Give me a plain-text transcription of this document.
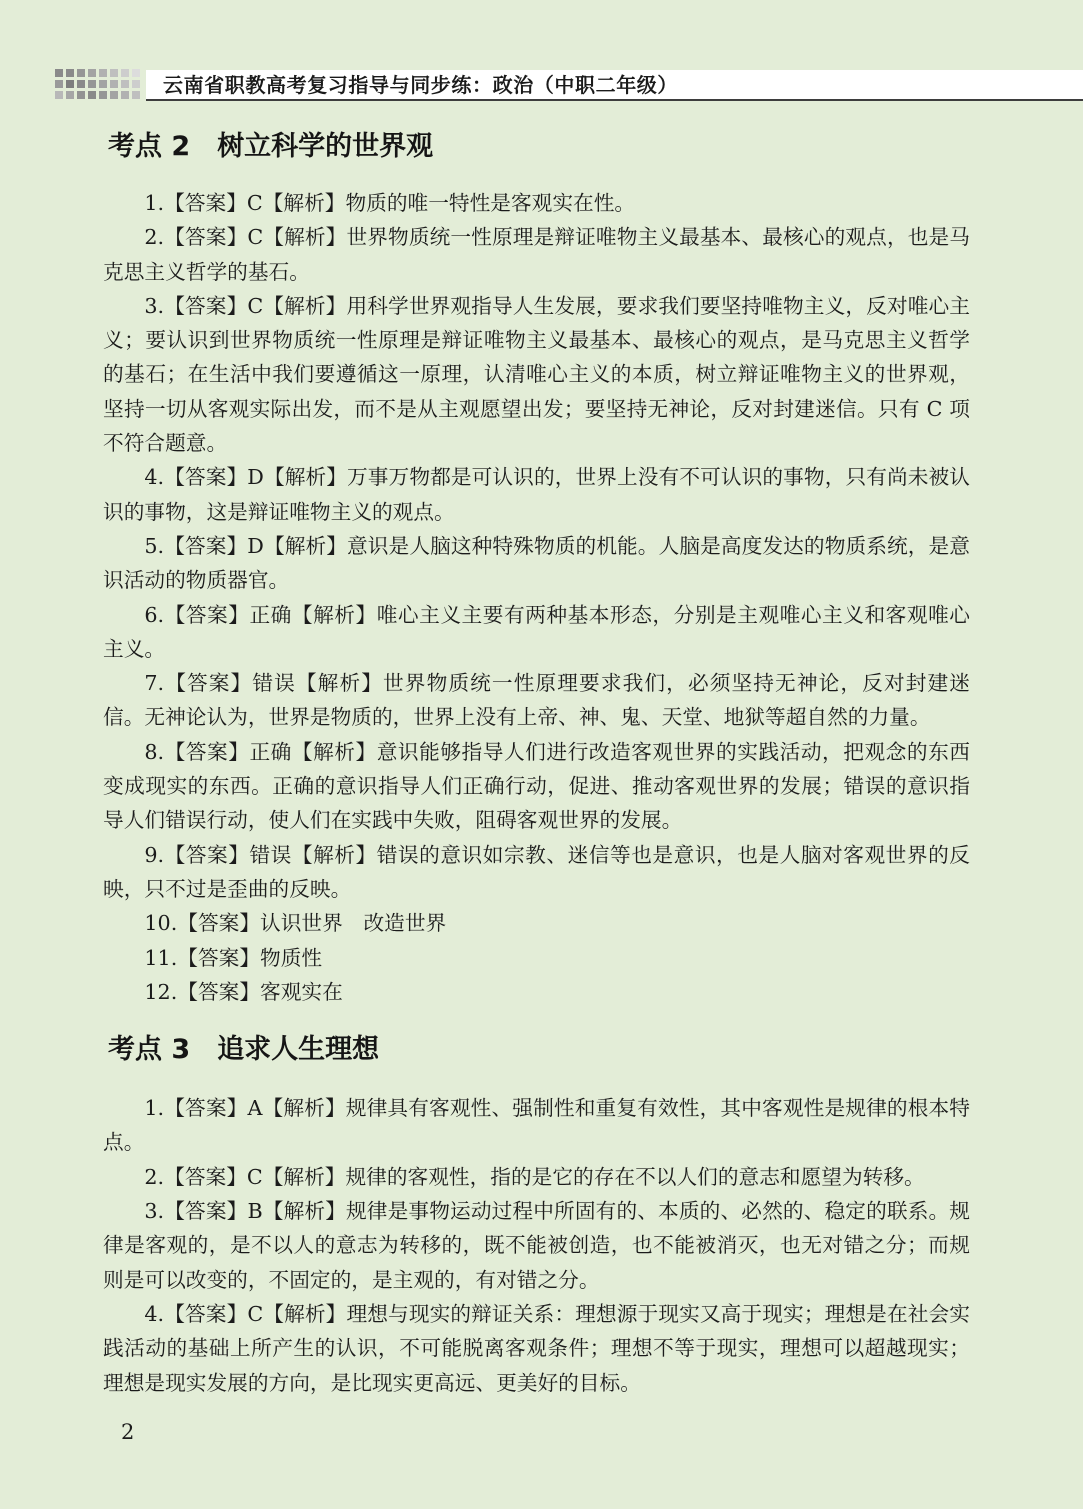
云南省职教高考复习指导与同步练：政治（中职二年级）
考点 2 树立科学的世界观

1.【答案】C【解析】物质的唯一特性是客观实在性。

2.【答案】C【解析】世界物质统一性原理是辩证唯物主义最基本、最核心的观点，也是马克思主义哲学的基石。

3.【答案】C【解析】用科学世界观指导人生发展，要求我们要坚持唯物主义，反对唯心主义；要认识到世界物质统一性原理是辩证唯物主义最基本、最核心的观点，是马克思主义哲学的基石；在生活中我们要遵循这一原理，认清唯心主义的本质，树立辩证唯物主义的世界观，坚持一切从客观实际出发，而不是从主观愿望出发；要坚持无神论，反对封建迷信。只有 C 项不符合题意。

4.【答案】D【解析】万事万物都是可认识的，世界上没有不可认识的事物，只有尚未被认识的事物，这是辩证唯物主义的观点。

5.【答案】D【解析】意识是人脑这种特殊物质的机能。人脑是高度发达的物质系统，是意识活动的物质器官。

6.【答案】正确【解析】唯心主义主要有两种基本形态，分别是主观唯心主义和客观唯心主义。

7.【答案】错误【解析】世界物质统一性原理要求我们，必须坚持无神论，反对封建迷信。无神论认为，世界是物质的，世界上没有上帝、神、鬼、天堂、地狱等超自然的力量。

8.【答案】正确【解析】意识能够指导人们进行改造客观世界的实践活动，把观念的东西变成现实的东西。正确的意识指导人们正确行动，促进、推动客观世界的发展；错误的意识指导人们错误行动，使人们在实践中失败，阻碍客观世界的发展。

9.【答案】错误【解析】错误的意识如宗教、迷信等也是意识，也是人脑对客观世界的反映，只不过是歪曲的反映。

10.【答案】认识世界　改造世界

11.【答案】物质性

12.【答案】客观实在

考点 3 追求人生理想

1.【答案】A【解析】规律具有客观性、强制性和重复有效性，其中客观性是规律的根本特点。

2.【答案】C【解析】规律的客观性，指的是它的存在不以人们的意志和愿望为转移。

3.【答案】B【解析】规律是事物运动过程中所固有的、本质的、必然的、稳定的联系。规律是客观的，是不以人的意志为转移的，既不能被创造，也不能被消灭，也无对错之分；而规则是可以改变的，不固定的，是主观的，有对错之分。

4.【答案】C【解析】理想与现实的辩证关系：理想源于现实又高于现实；理想是在社会实践活动的基础上所产生的认识，不可能脱离客观条件；理想不等于现实，理想可以超越现实；理想是现实发展的方向，是比现实更高远、更美好的目标。

2
